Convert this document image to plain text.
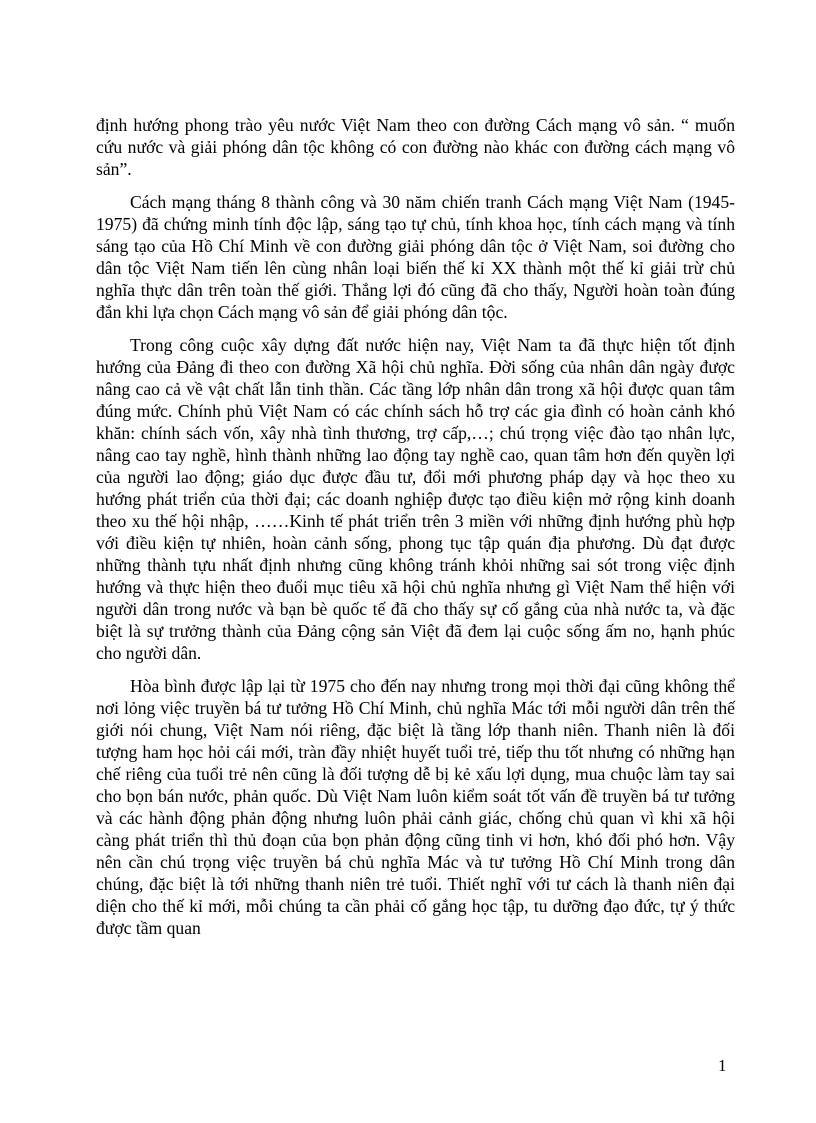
định hướng phong trào yêu nước Việt Nam theo con đường Cách mạng vô sản. “ muốn cứu nước và giải phóng dân tộc không có con đường nào khác con đường cách mạng vô sản”.

Cách mạng tháng 8 thành công và 30 năm chiến tranh Cách mạng Việt Nam (1945-1975) đã chứng minh tính độc lập, sáng tạo tự chủ, tính khoa học, tính cách mạng và tính sáng tạo của Hồ Chí Minh về con đường giải phóng dân tộc ở Việt Nam, soi đường cho dân tộc Việt Nam tiến lên cùng nhân loại biến thế kỉ XX thành một thế kỉ giải trừ chủ nghĩa thực dân trên toàn thế giới. Thắng lợi đó cũng đã cho thấy, Người hoàn toàn đúng đắn khi lựa chọn Cách mạng vô sản để giải phóng dân tộc.

Trong công cuộc xây dựng đất nước hiện nay, Việt Nam ta đã thực hiện tốt định hướng của Đảng đi theo con đường Xã hội chủ nghĩa. Đời sống của nhân dân ngày được nâng cao cả về vật chất lẫn tinh thần. Các tầng lớp nhân dân trong xã hội được quan tâm đúng mức. Chính phủ Việt Nam có các chính sách hỗ trợ các gia đình có hoàn cảnh khó khăn: chính sách vốn, xây nhà tình thương, trợ cấp,…; chú trọng việc đào tạo nhân lực, nâng cao tay nghề, hình thành những lao động tay nghề cao, quan tâm hơn đến quyền lợi của người lao động; giáo dục được đầu tư, đổi mới phương pháp dạy và học theo xu hướng phát triển của thời đại; các doanh nghiệp được tạo điều kiện mở rộng kinh doanh theo xu thế hội nhập, ……Kinh tế phát triển trên 3 miền với những định hướng phù hợp với điều kiện tự nhiên, hoàn cảnh sống, phong tục tập quán địa phương. Dù đạt được những thành tựu nhất định nhưng cũng không tránh khỏi những sai sót trong việc định hướng và thực hiện theo đuổi mục tiêu xã hội chủ nghĩa nhưng gì Việt Nam thể hiện với người dân trong nước và bạn bè quốc tế đã cho thấy sự cố gắng của nhà nước ta, và đặc biệt là sự trưởng thành của Đảng cộng sản Việt đã đem lại cuộc sống ấm no, hạnh phúc cho người dân.

Hòa bình được lập lại từ 1975 cho đến nay nhưng trong mọi thời đại cũng không thể nơi lỏng việc truyền bá tư tưởng Hồ Chí Minh, chủ nghĩa Mác tới mỗi người dân trên thế giới nói chung, Việt Nam nói riêng, đặc biệt là tầng lớp thanh niên. Thanh niên là đối tượng ham học hỏi cái mới, tràn đầy nhiệt huyết tuổi trẻ, tiếp thu tốt nhưng có những hạn chế riêng của tuổi trẻ nên cũng là đối tượng dễ bị kẻ xấu lợi dụng, mua chuộc làm tay sai cho bọn bán nước, phản quốc. Dù Việt Nam luôn kiểm soát tốt vấn đề truyền bá tư tưởng và các hành động phản động nhưng luôn phải cảnh giác, chống chủ quan vì khi xã hội càng phát triển thì thủ đoạn của bọn phản động cũng tinh vi hơn, khó đối phó hơn. Vậy nên cần chú trọng việc truyền bá chủ nghĩa Mác và tư tưởng Hồ Chí Minh trong dân chúng, đặc biệt là tới những thanh niên trẻ tuổi. Thiết nghĩ với tư cách là thanh niên đại diện cho thế kỉ mới, mỗi chúng ta cần phải cố gắng học tập, tu dưỡng đạo đức, tự ý thức được tầm quan

1
